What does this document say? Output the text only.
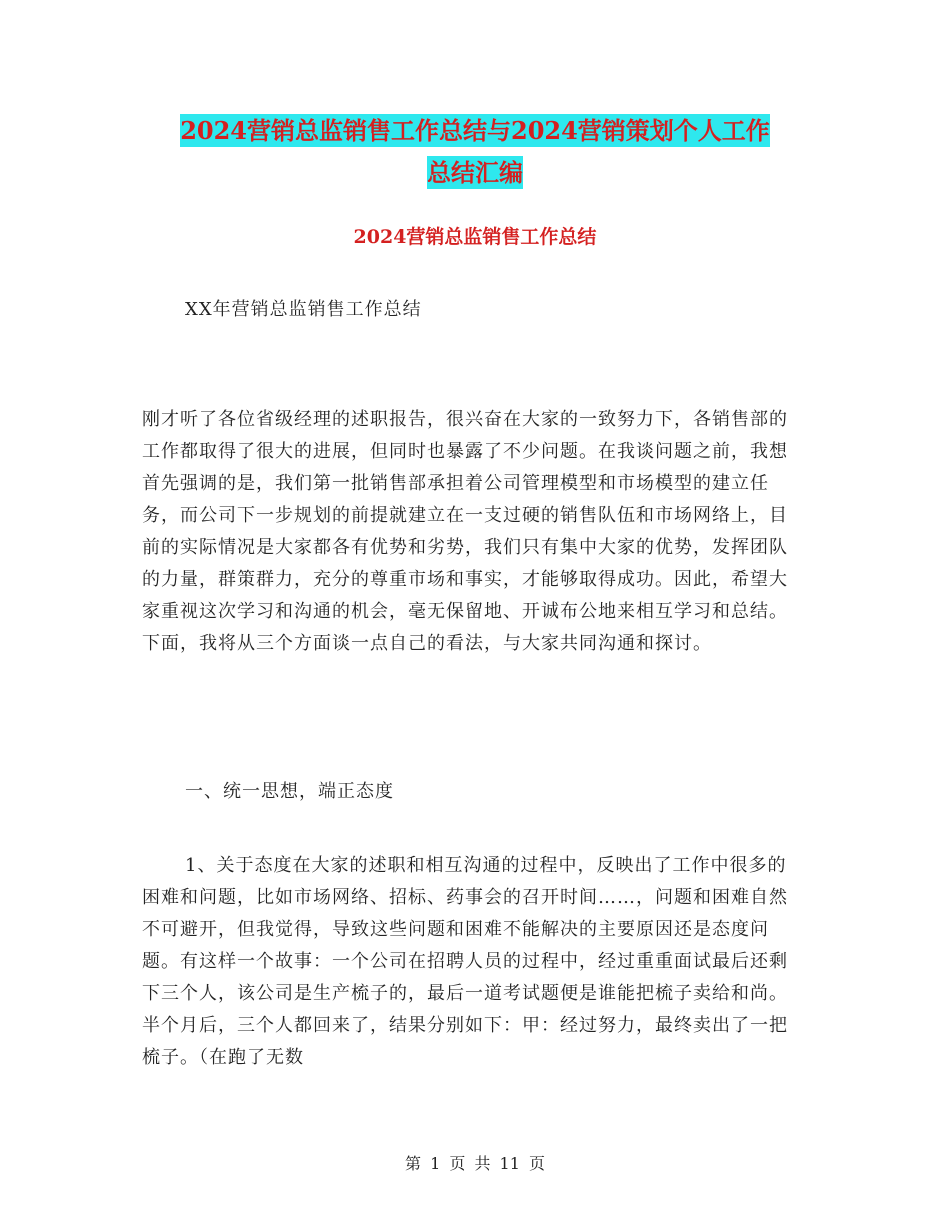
2024营销总监销售工作总结与2024营销策划个人工作
总结汇编
2024营销总监销售工作总结

XX年营销总监销售工作总结

刚才听了各位省级经理的述职报告，很兴奋在大家的一致努力下，各销售部的工作都取得了很大的进展，但同时也暴露了不少问题。在我谈问题之前，我想首先强调的是，我们第一批销售部承担着公司管理模型和市场模型的建立任务，而公司下一步规划的前提就建立在一支过硬的销售队伍和市场网络上，目前的实际情况是大家都各有优势和劣势，我们只有集中大家的优势，发挥团队的力量，群策群力，充分的尊重市场和事实，才能够取得成功。因此，希望大家重视这次学习和沟通的机会，毫无保留地、开诚布公地来相互学习和总结。下面，我将从三个方面谈一点自己的看法，与大家共同沟通和探讨。

一、统一思想，端正态度

1、关于态度在大家的述职和相互沟通的过程中，反映出了工作中很多的困难和问题，比如市场网络、招标、药事会的召开时间……，问题和困难自然不可避开，但我觉得，导致这些问题和困难不能解决的主要原因还是态度问题。有这样一个故事：一个公司在招聘人员的过程中，经过重重面试最后还剩下三个人，该公司是生产梳子的，最后一道考试题便是谁能把梳子卖给和尚。半个月后，三个人都回来了，结果分别如下：甲：经过努力，最终卖出了一把梳子。（在跑了无数

第 1 页 共 11 页
